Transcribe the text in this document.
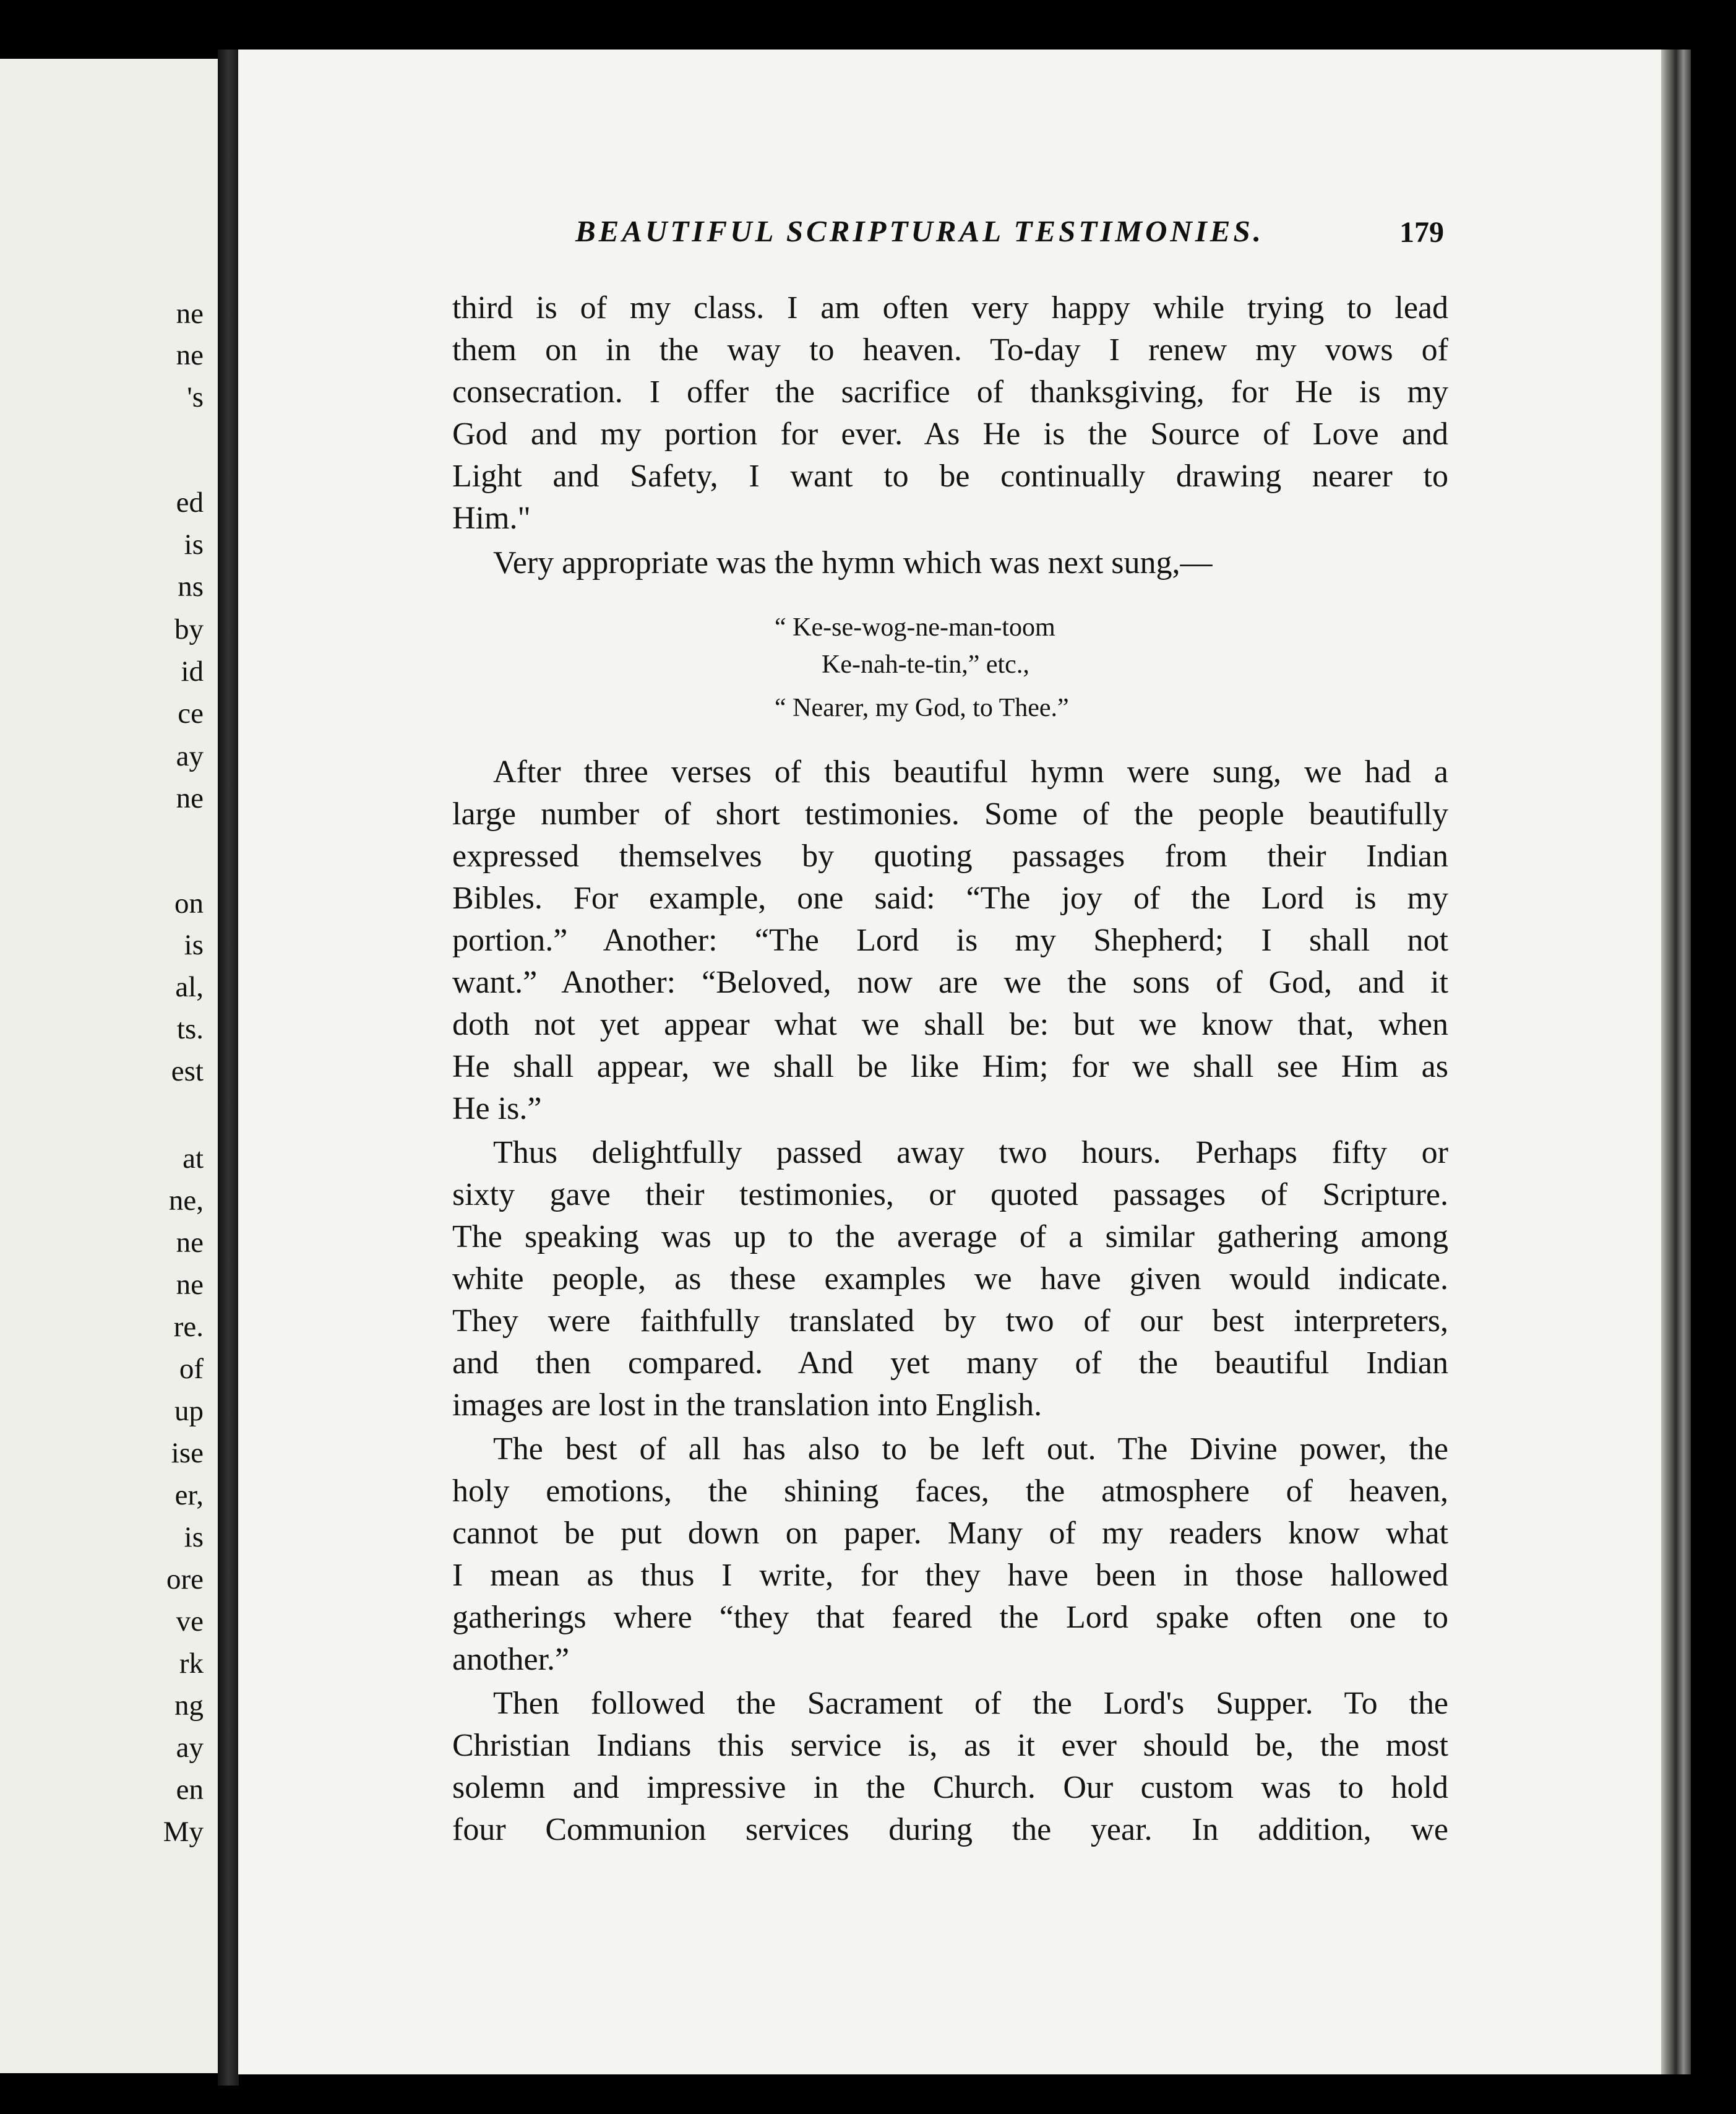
ne
ne
's
ed
is
ns
by
id
ce
ay
ne
on
is
al,
ts.
est
at
ne,
ne
ne
re.
of
up
ise
er,
is
ore
ve
rk
ng
ay
en
My
BEAUTIFUL SCRIPTURAL TESTIMONIES.	179
third is of my class. I am often very happy while trying to lead
them on in the way to heaven. To-day I renew my vows of
consecration. I offer the sacrifice of thanksgiving, for He is my
God and my portion for ever. As He is the Source of Love and
Light and Safety, I want to be continually drawing nearer to
Him."
Very appropriate was the hymn which was next sung,—
“ Ke-se-wog-ne-man-toom
Ke-nah-te-tin,” etc.,
“ Nearer, my God, to Thee.”
After three verses of this beautiful hymn were sung, we had a
large number of short testimonies. Some of the people beautifully
expressed themselves by quoting passages from their Indian
Bibles. For example, one said: “The joy of the Lord is my
portion.” Another: “The Lord is my Shepherd; I shall not
want.” Another: “Beloved, now are we the sons of God, and it
doth not yet appear what we shall be: but we know that, when
He shall appear, we shall be like Him; for we shall see Him as
He is.”
Thus delightfully passed away two hours. Perhaps fifty or
sixty gave their testimonies, or quoted passages of Scripture.
The speaking was up to the average of a similar gathering among
white people, as these examples we have given would indicate.
They were faithfully translated by two of our best interpreters,
and then compared. And yet many of the beautiful Indian
images are lost in the translation into English.
The best of all has also to be left out. The Divine power, the
holy emotions, the shining faces, the atmosphere of heaven,
cannot be put down on paper. Many of my readers know what
I mean as thus I write, for they have been in those hallowed
gatherings where “they that feared the Lord spake often one to
another.”
Then followed the Sacrament of the Lord's Supper. To the
Christian Indians this service is, as it ever should be, the most
solemn and impressive in the Church. Our custom was to hold
four Communion services during the year. In addition, we
